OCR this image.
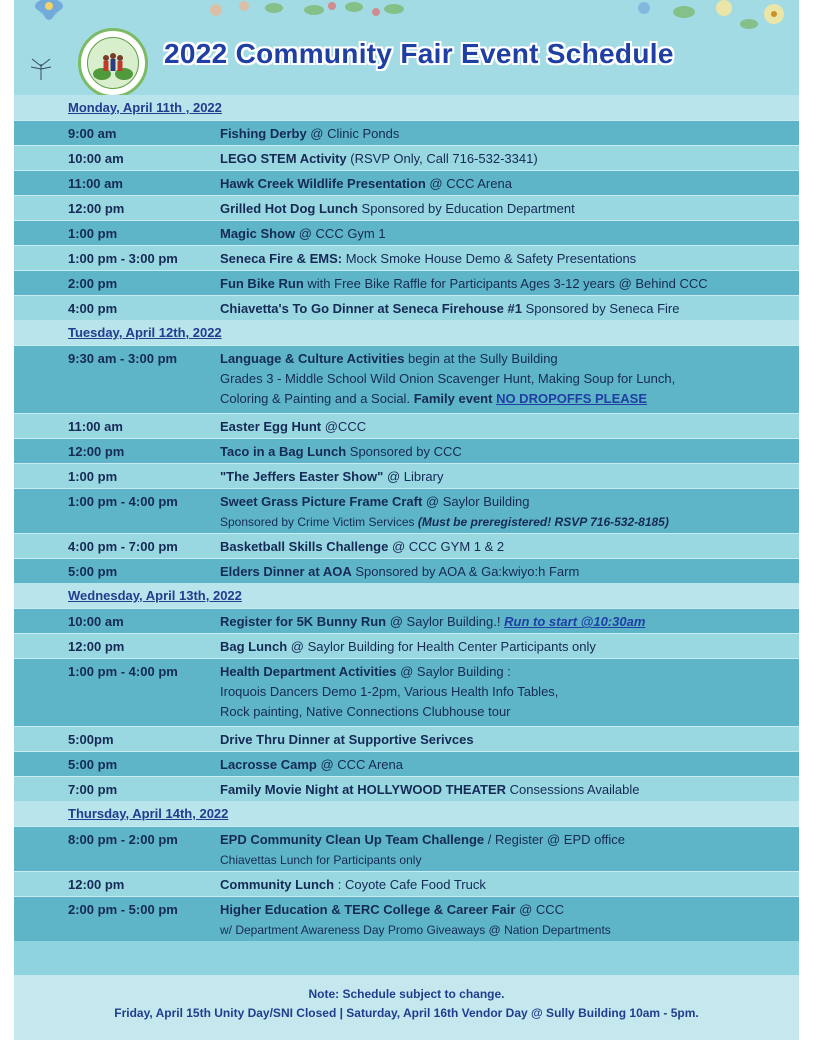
2022 Community Fair Event Schedule
Monday, April 11th , 2022
9:00 am	Fishing Derby @ Clinic Ponds
10:00 am	LEGO STEM Activity (RSVP Only, Call 716-532-3341)
11:00 am	Hawk Creek Wildlife Presentation @ CCC Arena
12:00 pm	Grilled Hot Dog Lunch Sponsored by Education Department
1:00 pm	Magic Show @ CCC Gym 1
1:00 pm - 3:00 pm	Seneca Fire & EMS: Mock Smoke House Demo & Safety Presentations
2:00 pm	Fun Bike Run with Free Bike Raffle for Participants Ages 3-12 years @ Behind CCC
4:00 pm	Chiavetta's To Go Dinner at Seneca Firehouse #1 Sponsored by Seneca Fire
Tuesday, April 12th, 2022
9:30 am - 3:00 pm	Language & Culture Activities begin at the Sully Building
Grades 3 - Middle School Wild Onion Scavenger Hunt, Making Soup for Lunch,
Coloring & Painting and a Social. Family event NO DROPOFFS PLEASE
11:00 am	Easter Egg Hunt @CCC
12:00 pm	Taco in a Bag Lunch Sponsored by CCC
1:00 pm	"The Jeffers Easter Show" @ Library
1:00 pm - 4:00 pm	Sweet Grass Picture Frame Craft @ Saylor Building
Sponsored by Crime Victim Services (Must be preregistered! RSVP 716-532-8185)
4:00 pm - 7:00 pm	Basketball Skills Challenge @ CCC GYM 1 & 2
5:00 pm	Elders Dinner at AOA Sponsored by AOA & Ga:kwiyo:h Farm
Wednesday, April 13th, 2022
10:00 am	Register for 5K Bunny Run @ Saylor Building.! Run to start @10:30am
12:00 pm	Bag Lunch @ Saylor Building for Health Center Participants only
1:00 pm - 4:00 pm	Health Department Activities @ Saylor Building :
Iroquois Dancers Demo 1-2pm, Various Health Info Tables,
Rock painting, Native Connections Clubhouse tour
5:00pm	Drive Thru Dinner at Supportive Serivces
5:00 pm	Lacrosse Camp @ CCC Arena
7:00 pm	Family Movie Night at HOLLYWOOD THEATER Consessions Available
Thursday, April 14th, 2022
8:00 pm - 2:00 pm	EPD Community Clean Up Team Challenge / Register @ EPD office
Chiavettas Lunch for Participants only
12:00 pm	Community Lunch : Coyote Cafe Food Truck
2:00 pm - 5:00 pm	Higher Education & TERC College & Career Fair @ CCC
w/ Department Awareness Day Promo Giveaways @ Nation Departments

Note: Schedule subject to change.

Friday, April 15th Unity Day/SNI Closed | Saturday, April 16th Vendor Day @ Sully Building 10am - 5pm.
